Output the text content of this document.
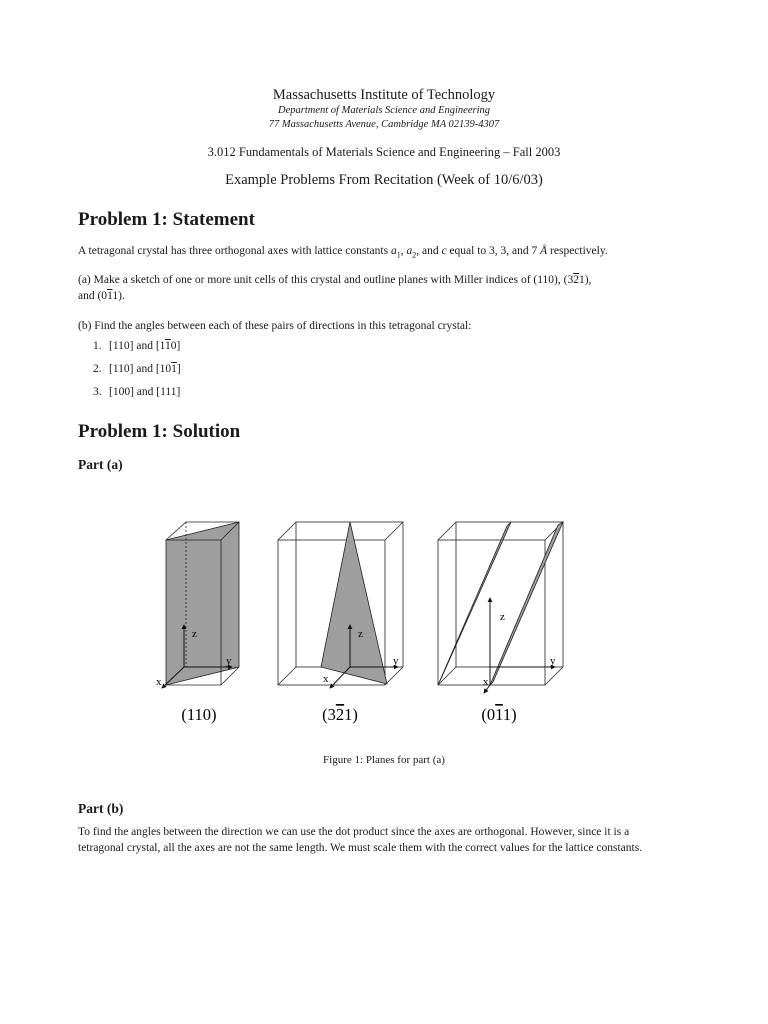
Massachusetts Institute of Technology
Department of Materials Science and Engineering
77 Massachusetts Avenue, Cambridge MA 02139-4307
3.012 Fundamentals of Materials Science and Engineering – Fall 2003
Example Problems From Recitation (Week of 10/6/03)
Problem 1: Statement
A tetragonal crystal has three orthogonal axes with lattice constants $a_1$, $a_2$, and c equal to 3, 3, and 7 Å respectively.
(a) Make a sketch of one or more unit cells of this crystal and outline planes with Miller indices of (110), (321),
and (011).
(b) Find the angles between each of these pairs of directions in this tetragonal crystal:
1. [110] and [110]
2. [110] and [101]
3. [100] and [111]
Problem 1: Solution
Part (a)
z
y
x
z
y
x
z
y
x
(110)	(321)	(011)
Figure 1: Planes for part (a)
Part (b)
To find the angles between the direction we can use the dot product since the axes are orthogonal. However, since it is a tetragonal crystal, all the axes are not the same length. We must scale them with the correct values for the lattice constants.
